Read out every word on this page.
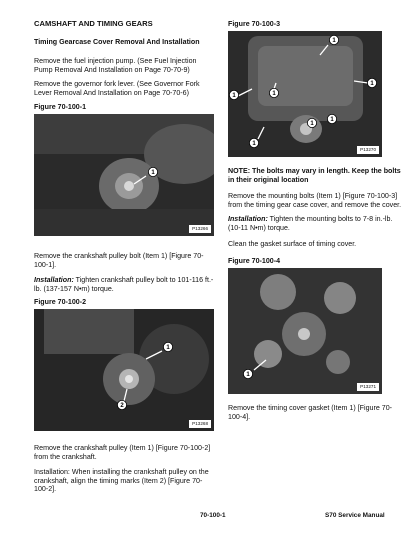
CAMSHAFT AND TIMING GEARS

Timing Gearcase Cover Removal And Installation

Remove the fuel injection pump. (See Fuel Injection Pump Removal And Installation on Page 70-70-9)

Remove the governor fork lever. (See Governor Fork Lever Removal And Installation on Page 70-70-6)

Figure 70-100-1

1
P13266

Remove the crankshaft pulley bolt (Item 1) [Figure 70-100-1].

Installation: Tighten crankshaft pulley bolt to 101-116 ft.-lb. (137-157 N•m) torque.

Figure 70-100-2

1
2
P13268

Remove the crankshaft pulley (Item 1) [Figure 70-100-2] from the crankshaft.

Installation: When installing the crankshaft pulley on the crankshaft, align the timing marks (Item 2) [Figure 70-100-2].

Figure 70-100-3

1
1
1	1
1
1
1
P13270

NOTE: The bolts may vary in length. Keep the bolts in their original location

Remove the mounting bolts (Item 1) [Figure 70-100-3] from the timing gear case cover, and remove the cover.

Installation: Tighten the mounting bolts to 7-8 in.-lb. (10-11 N•m) torque.

Clean the gasket surface of timing cover.

Figure 70-100-4

1
P13271

Remove the timing cover gasket (Item 1) [Figure 70-100-4].

70-100-1	S70 Service Manual
